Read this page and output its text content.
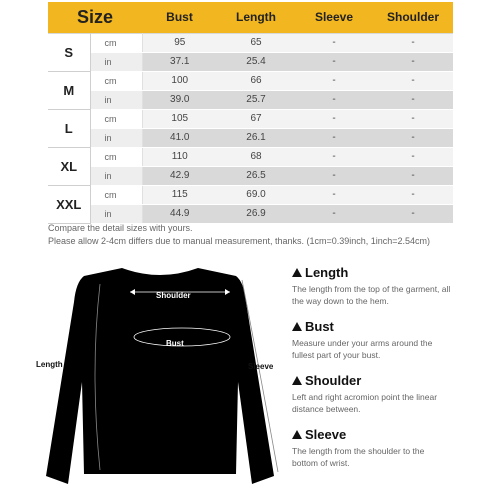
Size		Bust	Length	Sleeve	Shoulder
S	cm	95	65	-	-
	in	37.1	25.4	-	-
M	cm	100	66	-	-
	in	39.0	25.7	-	-
L	cm	105	67	-	-
	in	41.0	26.1	-	-
XL	cm	110	68	-	-
	in	42.9	26.5	-	-
XXL	cm	115	69.0	-	-
	in	44.9	26.9	-	-
Compare the detail sizes with yours.
Please allow 2-4cm differs due to manual measurement, thanks. (1cm=0.39inch, 1inch=2.54cm)
Shoulder
Bust
Length	Sleeve
Length
The length from the top of the garment, all the way down to the hem.
Bust
Measure under your arms around the fullest part of your bust.
Shoulder
Left and right acromion point the linear distance between.
Sleeve
The length from the shoulder to the bottom of wrist.
